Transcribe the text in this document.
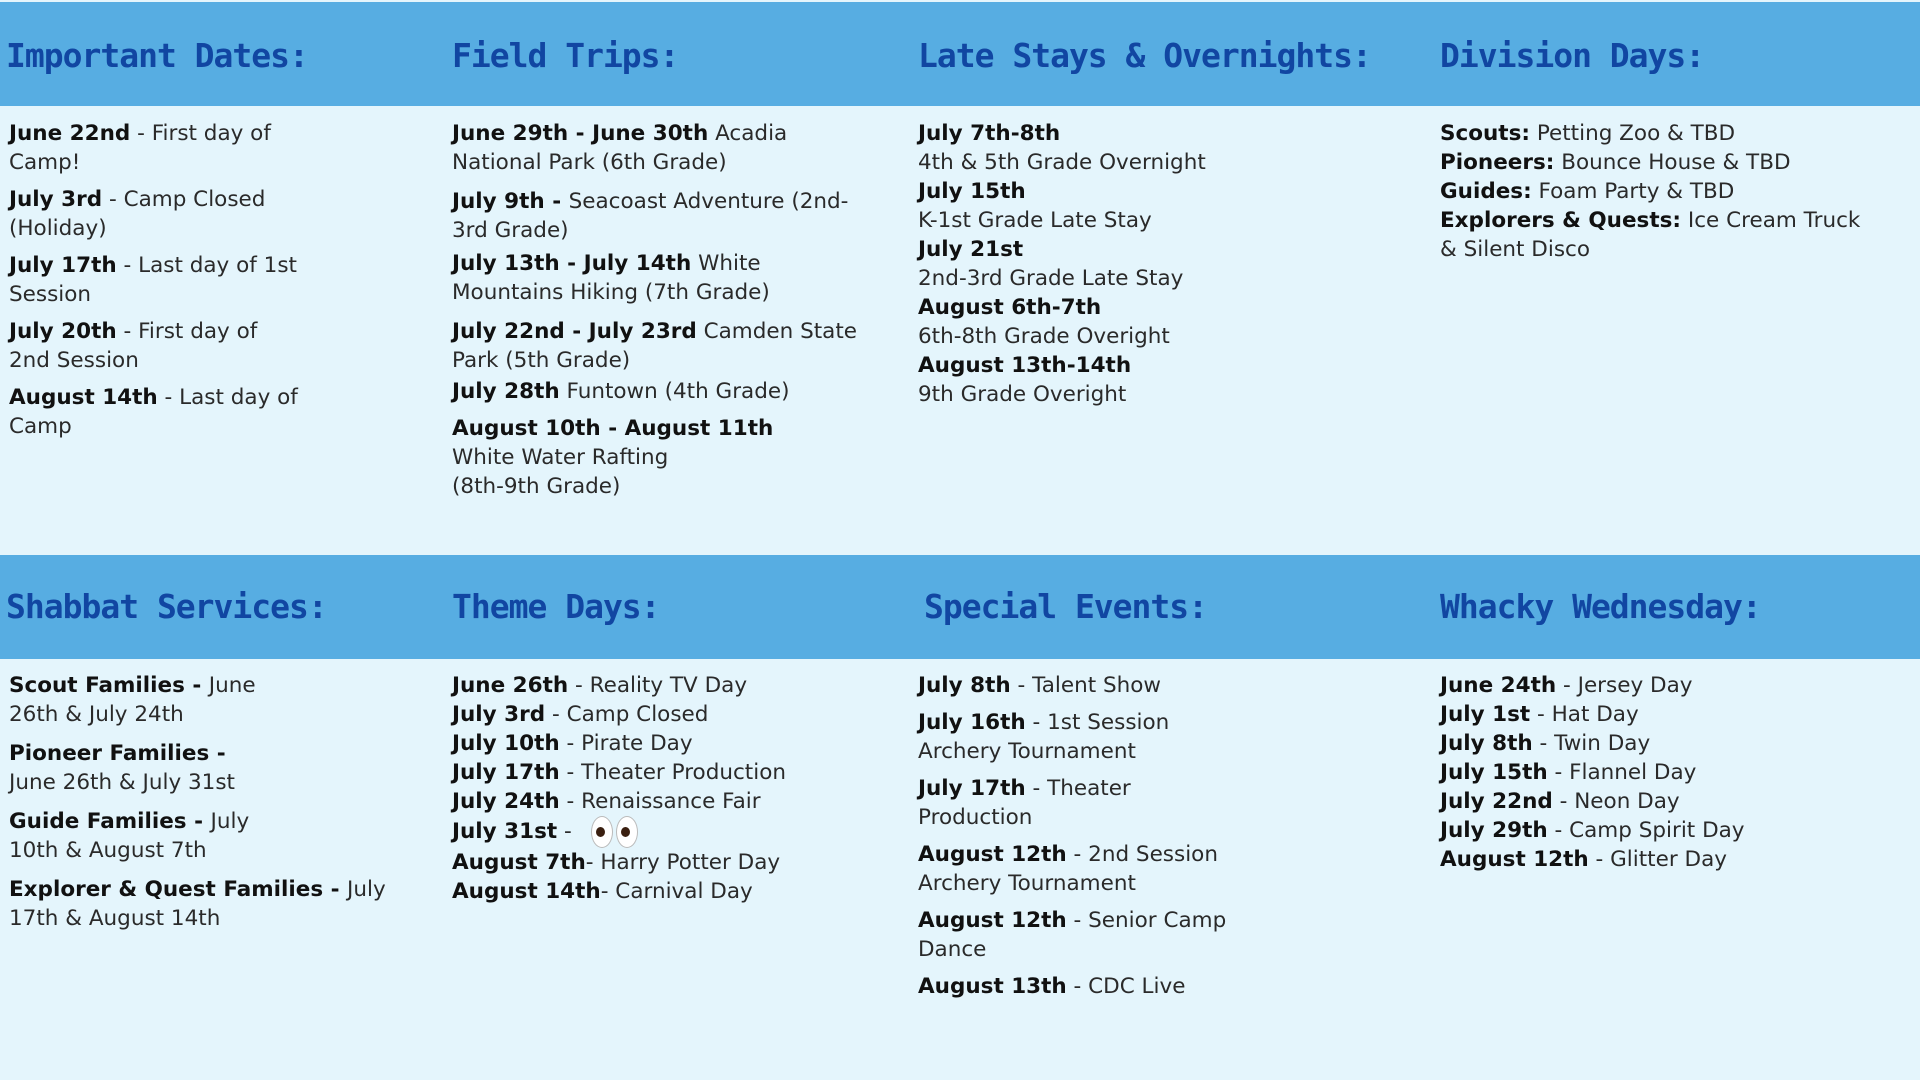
Important Dates:	Field Trips:	Late Stays & Overnights: Division Days:
Shabbat Services:	Theme Days:	Special Events:	Whacky Wednesday:

June 22nd - First day of Camp!

July 3rd - Camp Closed (Holiday)

July 17th - Last day of 1st Session

July 20th - First day of 2nd Session

August 14th - Last day of Camp

June 29th - June 30th Acadia National Park (6th Grade)

July 9th - Seacoast Adventure (2nd-3rd Grade)

July 13th - July 14th White Mountains Hiking (7th Grade)

July 22nd - July 23rd Camden State Park (5th Grade)

July 28th Funtown (4th Grade)

August 10th - August 11th
White Water Rafting (8th-9th Grade)

July 7th-8th
4th & 5th Grade Overnight

July 15th
K-1st Grade Late Stay

July 21st
2nd-3rd Grade Late Stay

August 6th-7th
6th-8th Grade Overight

August 13th-14th
9th Grade Overight

Scouts: Petting Zoo & TBD

Pioneers: Bounce House & TBD

Guides: Foam Party & TBD

Explorers & Quests: Ice Cream Truck & Silent Disco

Scout Families - June 26th & July 24th

Pioneer Families - June 26th & July 31st

Guide Families - July 10th & August 7th

Explorer & Quest Families - July 17th & August 14th

June 26th - Reality TV Day

July 3rd - Camp Closed

July 10th - Pirate Day

July 17th - Theater Production

July 24th - Renaissance Fair

July 31st -

August 7th- Harry Potter Day

August 14th- Carnival Day

July 8th - Talent Show

July 16th - 1st Session Archery Tournament

July 17th - Theater Production

August 12th - 2nd Session Archery Tournament

August 12th - Senior Camp Dance

August 13th - CDC Live

June 24th - Jersey Day

July 1st - Hat Day

July 8th - Twin Day

July 15th - Flannel Day

July 22nd - Neon Day

July 29th - Camp Spirit Day

August 12th - Glitter Day
